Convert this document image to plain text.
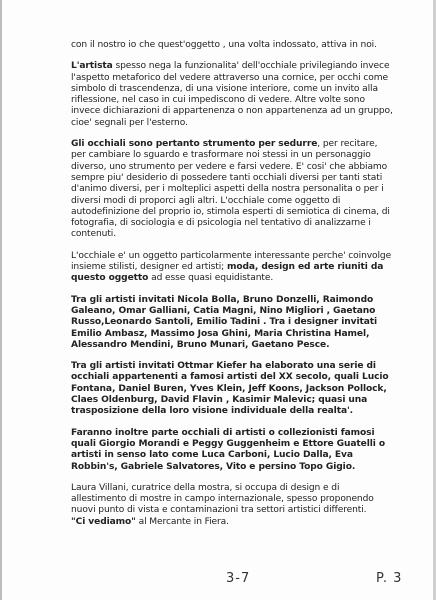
con il nostro io che quest'oggetto , una volta indossato, attiva in noi.

L'artista spesso nega la funzionalita' dell'occhiale privilegiando invece l'aspetto metaforico del vedere attraverso una cornice, per occhi come simbolo di trascendenza, di una visione interiore, come un invito alla riflessione, nel caso in cui impediscono di vedere. Altre volte sono invece dichiarazioni di appartenenza o non appartenenza ad un gruppo, cioe' segnali per l'esterno.

Gli occhiali sono pertanto strumento per sedurre, per recitare, per cambiare lo sguardo e trasformare noi stessi in un personaggio diverso, uno strumento per vedere e farsi vedere. E' cosi' che abbiamo sempre piu' desiderio di possedere tanti occhiali diversi per tanti stati d'animo diversi, per i molteplici aspetti della nostra personalita o per i diversi modi di proporci agli altri. L'occhiale come oggetto di autodefinizione del proprio io, stimola esperti di semiotica di cinema, di fotografia, di sociologia e di psicologia nel tentativo di analizzarne i contenuti.

L'occhiale e' un oggetto particolarmente interessante perche' coinvolge insieme stilisti, designer ed artisti; moda, design ed arte riuniti da questo oggetto ad esse quasi equidistante.

Tra gli artisti invitati Nicola Bolla, Bruno Donzelli, Raimondo Galeano, Omar Galliani, Catia Magni, Nino Migliori , Gaetano Russo,Leonardo Santoli, Emilio Tadini . Tra i designer invitati Emilio Ambasz, Massimo Josa Ghini, Maria Christina Hamel, Alessandro Mendini, Bruno Munari, Gaetano Pesce.

Tra gli artisti invitati Ottmar Kiefer ha elaborato una serie di occhiali appartenenti a famosi artisti del XX secolo, quali Lucio Fontana, Daniel Buren, Yves Klein, Jeff Koons, Jackson Pollock, Claes Oldenburg, David Flavin , Kasimir Malevic; quasi una trasposizione della loro visione individuale della realta'.

Faranno inoltre parte occhiali di artisti o collezionisti famosi quali Giorgio Morandi e Peggy Guggenheim e Ettore Guatelli o artisti in senso lato come Luca Carboni, Lucio Dalla, Eva Robbin's, Gabriele Salvatores, Vito e persino Topo Gigio.

Laura Villani, curatrice della mostra, si occupa di design e di allestimento di mostre in campo internazionale, spesso proponendo nuovi punto di vista e contaminazioni tra settori artistici differenti.
"Ci vediamo" al Mercante in Fiera.

3-7	P. 3
